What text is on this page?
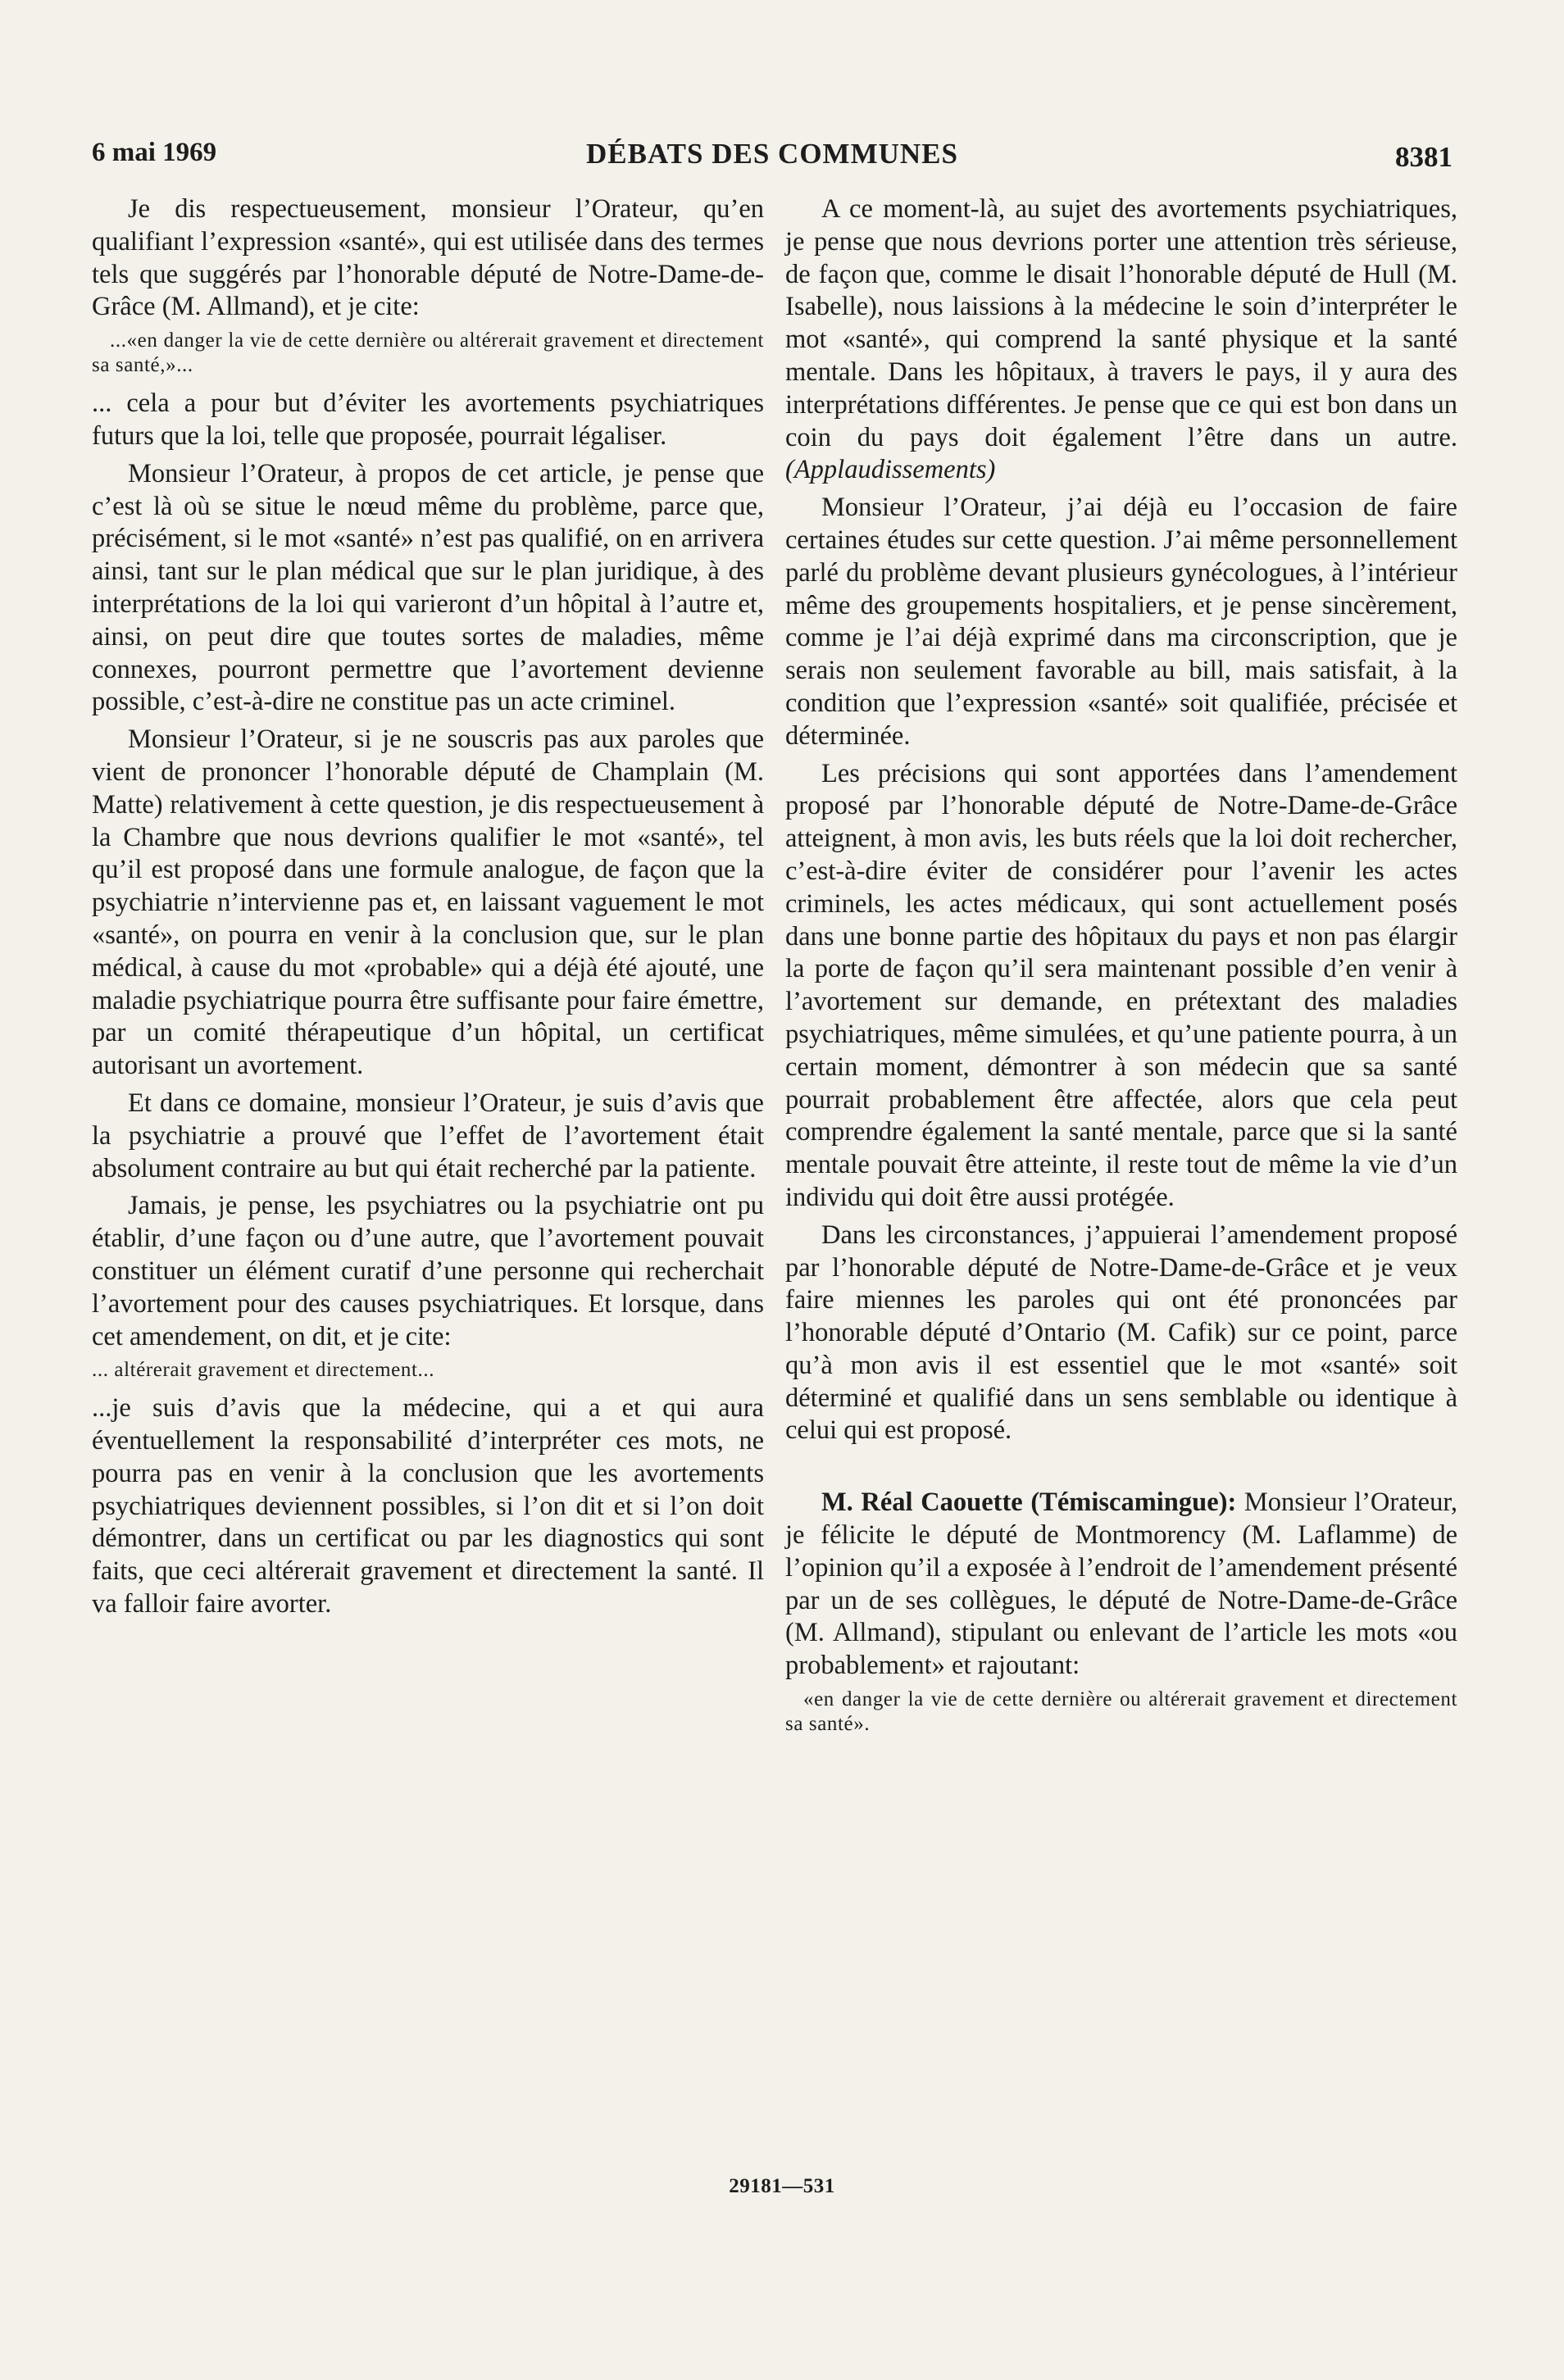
6 mai 1969	DÉBATS DES COMMUNES	8381

Je dis respectueusement, monsieur l’Orateur, qu’en qualifiant l’expression «santé», qui est utilisée dans des termes tels que suggérés par l’honorable député de Notre-Dame-de-Grâce (M. Allmand), et je cite:

...«en danger la vie de cette dernière ou altérerait gravement et directement sa santé,»...

... cela a pour but d’éviter les avortements psychiatriques futurs que la loi, telle que proposée, pourrait légaliser.

Monsieur l’Orateur, à propos de cet article, je pense que c’est là où se situe le nœud même du problème, parce que, précisément, si le mot «santé» n’est pas qualifié, on en arrivera ainsi, tant sur le plan médical que sur le plan juridique, à des interprétations de la loi qui varieront d’un hôpital à l’autre et, ainsi, on peut dire que toutes sortes de maladies, même connexes, pourront permettre que l’avortement devienne possible, c’est-à-dire ne constitue pas un acte criminel.

Monsieur l’Orateur, si je ne souscris pas aux paroles que vient de prononcer l’honorable député de Champlain (M. Matte) relativement à cette question, je dis respectueusement à la Chambre que nous devrions qualifier le mot «santé», tel qu’il est proposé dans une formule analogue, de façon que la psychiatrie n’intervienne pas et, en laissant vaguement le mot «santé», on pourra en venir à la conclusion que, sur le plan médical, à cause du mot «probable» qui a déjà été ajouté, une maladie psychiatrique pourra être suffisante pour faire émettre, par un comité thérapeutique d’un hôpital, un certificat autorisant un avortement.

Et dans ce domaine, monsieur l’Orateur, je suis d’avis que la psychiatrie a prouvé que l’effet de l’avortement était absolument contraire au but qui était recherché par la patiente.

Jamais, je pense, les psychiatres ou la psychiatrie ont pu établir, d’une façon ou d’une autre, que l’avortement pouvait constituer un élément curatif d’une personne qui recherchait l’avortement pour des causes psychiatriques. Et lorsque, dans cet amendement, on dit, et je cite:

... altérerait gravement et directement...

...je suis d’avis que la médecine, qui a et qui aura éventuellement la responsabilité d’interpréter ces mots, ne pourra pas en venir à la conclusion que les avortements psychiatriques deviennent possibles, si l’on dit et si l’on doit démontrer, dans un certificat ou par les diagnostics qui sont faits, que ceci altérerait gravement et directement la santé. Il va falloir faire avorter.

A ce moment-là, au sujet des avortements psychiatriques, je pense que nous devrions porter une attention très sérieuse, de façon que, comme le disait l’honorable député de Hull (M. Isabelle), nous laissions à la médecine le soin d’interpréter le mot «santé», qui comprend la santé physique et la santé mentale. Dans les hôpitaux, à travers le pays, il y aura des interprétations différentes. Je pense que ce qui est bon dans un coin du pays doit également l’être dans un autre. (Applaudissements)

Monsieur l’Orateur, j’ai déjà eu l’occasion de faire certaines études sur cette question. J’ai même personnellement parlé du problème devant plusieurs gynécologues, à l’intérieur même des groupements hospitaliers, et je pense sincèrement, comme je l’ai déjà exprimé dans ma circonscription, que je serais non seulement favorable au bill, mais satisfait, à la condition que l’expression «santé» soit qualifiée, précisée et déterminée.

Les précisions qui sont apportées dans l’amendement proposé par l’honorable député de Notre-Dame-de-Grâce atteignent, à mon avis, les buts réels que la loi doit rechercher, c’est-à-dire éviter de considérer pour l’avenir les actes criminels, les actes médicaux, qui sont actuellement posés dans une bonne partie des hôpitaux du pays et non pas élargir la porte de façon qu’il sera maintenant possible d’en venir à l’avortement sur demande, en prétextant des maladies psychiatriques, même simulées, et qu’une patiente pourra, à un certain moment, démontrer à son médecin que sa santé pourrait probablement être affectée, alors que cela peut comprendre également la santé mentale, parce que si la santé mentale pouvait être atteinte, il reste tout de même la vie d’un individu qui doit être aussi protégée.

Dans les circonstances, j’appuierai l’amendement proposé par l’honorable député de Notre-Dame-de-Grâce et je veux faire miennes les paroles qui ont été prononcées par l’honorable député d’Ontario (M. Cafik) sur ce point, parce qu’à mon avis il est essentiel que le mot «santé» soit déterminé et qualifié dans un sens semblable ou identique à celui qui est proposé.

M. Réal Caouette (Témiscamingue): Monsieur l’Orateur, je félicite le député de Montmorency (M. Laflamme) de l’opinion qu’il a exposée à l’endroit de l’amendement présenté par un de ses collègues, le député de Notre-Dame-de-Grâce (M. Allmand), stipulant ou enlevant de l’article les mots «ou probablement» et rajoutant:

«en danger la vie de cette dernière ou altérerait gravement et directement sa santé».

29181—531
